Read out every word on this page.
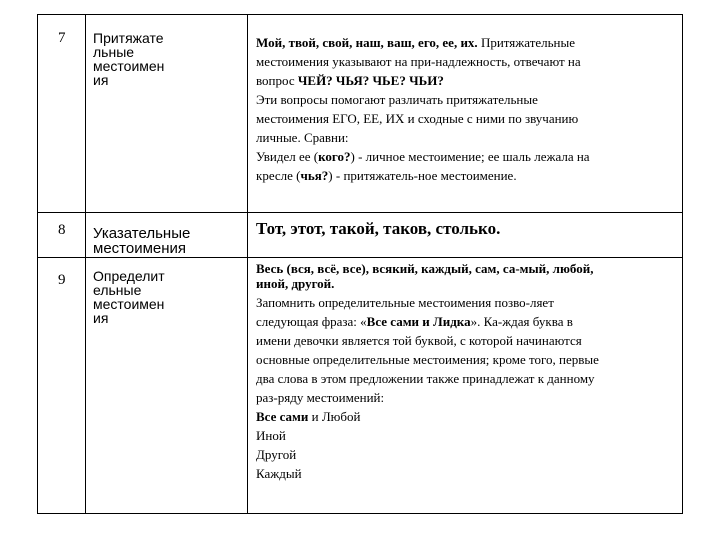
7 Притяжате
льные
местоимен
ия
Мой, твой, свой, наш, ваш, его, ее, их. Притяжательные
местоимения указывают на при-надлежность, отвечают на
вопрос ЧЕЙ? ЧЬЯ? ЧЬЕ? ЧЬИ?
Эти вопросы помогают различать притяжательные
местоимения ЕГО, ЕЕ, ИХ и сходные с ними по звучанию
личные. Сравни:
Увидел ее (кого?) - личное местоимение; ее шаль лежала на
кресле (чья?) - притяжатель-ное местоимение.
8 Указательные
местоимения
Тот, этот, такой, таков, столько.
9 Определит
ельные
местоимен
ия
Весь (вся, всё, все), всякий, каждый, сам, са-мый, любой,
иной, другой.
Запомнить определительные местоимения позво-ляет
следующая фраза: «Все сами и Лидка». Ка-ждая буква в
имени девочки является той буквой, с которой начинаются
основные определительные местоимения; кроме того, первые
два слова в этом предложении также принадлежат к данному
раз-ряду местоимений:
Все сами и Любой
Иной
Другой
Каждый
